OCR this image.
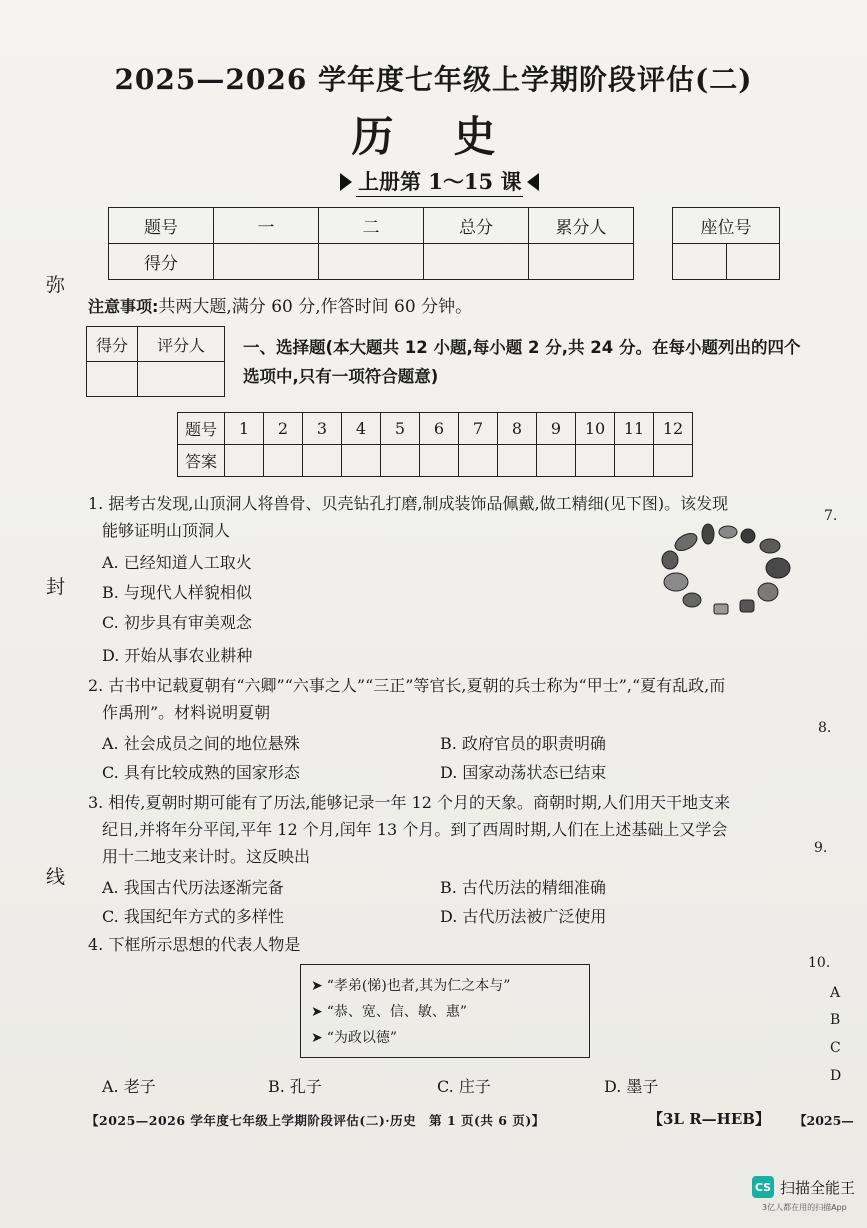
2025—2026 学年度七年级上学期阶段评估(二)
历史
上册第 1～15 课
题号	一	二	总分	累分人
得分				
座位号

弥
封
线
注意事项:共两大题,满分 60 分,作答时间 60 分钟。
得分	评分人
	一、选择题(本大题共 12 小题,每小题 2 分,共 24 分。在每小题列出的四个选项中,只有一项符合题意)
题号	1	2	3	4	5	6	7	8	9	10	11	12
答案												
1. 据考古发现,山顶洞人将兽骨、贝壳钻孔打磨,制成装饰品佩戴,做工精细(见下图)。该发现
能够证明山顶洞人
A. 已经知道人工取火
B. 与现代人样貌相似
C. 初步具有审美观念
D. 开始从事农业耕种
2. 古书中记载夏朝有“六卿”“六事之人”“三正”等官长,夏朝的兵士称为“甲士”,“夏有乱政,而
作禹刑”。材料说明夏朝
A. 社会成员之间的地位悬殊	B. 政府官员的职责明确
C. 具有比较成熟的国家形态	D. 国家动荡状态已结束
3. 相传,夏朝时期可能有了历法,能够记录一年 12 个月的天象。商朝时期,人们用天干地支来
纪日,并将年分平闰,平年 12 个月,闰年 13 个月。到了西周时期,人们在上述基础上又学会
用十二地支来计时。这反映出
A. 我国古代历法逐渐完备	B. 古代历法的精细准确
C. 我国纪年方式的多样性	D. 古代历法被广泛使用
4. 下框所示思想的代表人物是
➤ “孝弟(悌)也者,其为仁之本与”
➤ “恭、宽、信、敏、惠”
➤ “为政以德”
A. 老子	B. 孔子	C. 庄子	D. 墨子
7.
8.
9.
10.
A
B
C
D
【2025—2026 学年度七年级上学期阶段评估(二)·历史　第 1 页(共 6 页)】	【3L R—HEB】 【2025—
CS 扫描全能王
3亿人都在用的扫描App
